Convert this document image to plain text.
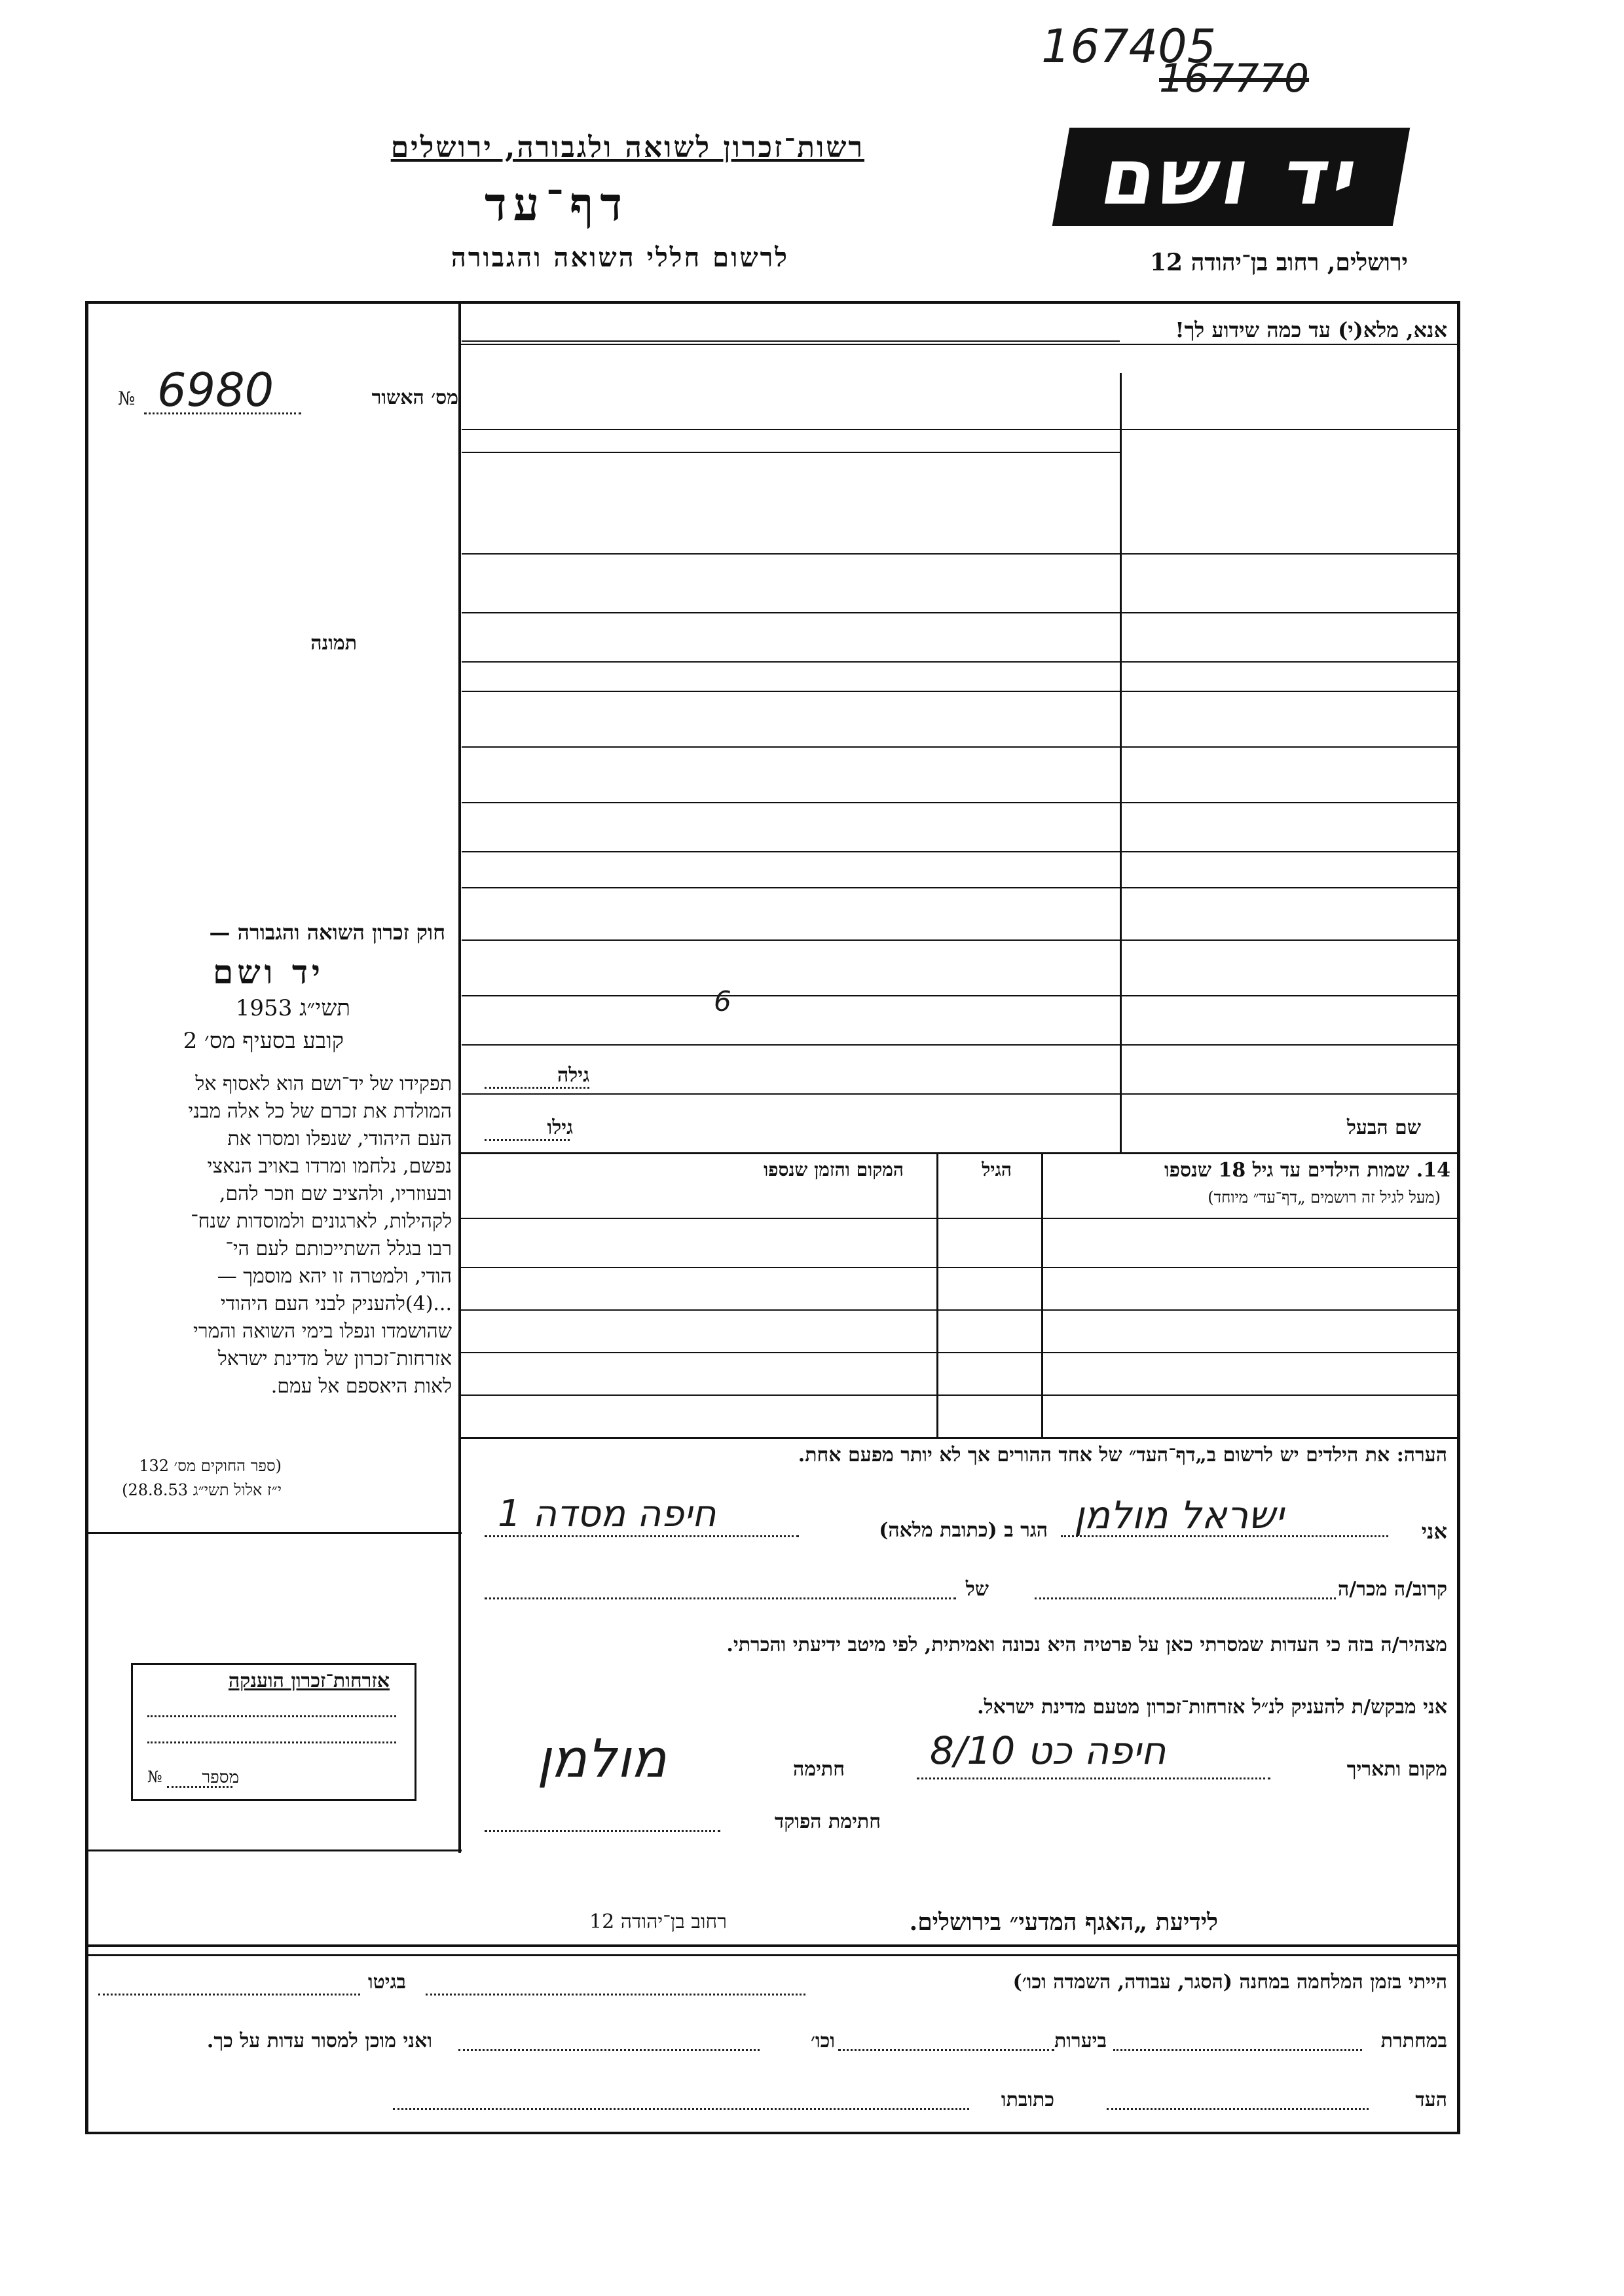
167405
167770
רשות־זכרון לשואה ולגבורה, ירושלים
דף־עד
לרשום חללי השואה והגבורה
יד ושם
ירושלים, רחוב בן־יהודה 12
מס׳ האשור
№ 6980
תמונה
חוק זכרון השואה והגבורה —
יד ושם
תשי״ג 1953
קובע בסעיף מס׳ 2
תפקידו של יד־ושם הוא לאסוף אל
המולדת את זכרם של כל אלה מבני
העם היהודי, שנפלו ומסרו את
נפשם, נלחמו ומרדו באויב הנאצי
ובעוזריו, ולהציב שם וזכר להם,
לקהילות, לארגונים ולמוסדות שנח־
רבו בגלל השתייכותם לעם הי־
הודי, ולמטרה זו יהא מוסמך —
...(4)להעניק לבני העם היהודי
שהושמדו ונפלו בימי השואה והמרי
אזרחות־זכרון של מדינת ישראל
לאות היאספם אל עמם.
(ספר החוקים מס׳ 132
י״ז אלול תשי״ג 28.8.53)
אזרחות־זכרון הוענקה
מספר
№
אנא, מלא(י) עד כמה שידוע לך!
6
גילה
שם הבעל
גילו
14. שמות הילדים עד גיל 18 שנספו
(מעל לגיל זה רושמים „דף־עד״ מיוחד)
הגיל
המקום והזמן שנספו
הערה: את הילדים יש לרשום ב„דף־העד״ של אחד ההורים אך לא יותר מפעם אחת.
אני
ישראל מולמן
הגר ב (כתובת מלאה)
חיפה מסדה 1
קרוב/ה מכר/ה
של
מצהיר/ה בזה כי העדות שמסרתי כאן על פרטיה היא נכונה ואמיתית, לפי מיטב ידיעתי והכרתי.
אני מבקש/ת להעניק לנ״ל אזרחות־זכרון מטעם מדינת ישראל.
מקום ותאריך
חיפה כט 8/10
חתימה
מולמן
חתימת הפוקד
לידיעת „האגף המדעי״ בירושלים.
רחוב בן־יהודה 12
הייתי בזמן המלחמה במחנה (הסגר, עבודה, השמדה וכו׳)
בגיטו
במחתרת
ביערות
וכו׳
ואני מוכן למסור עדות על כך.
העד
כתובתו
